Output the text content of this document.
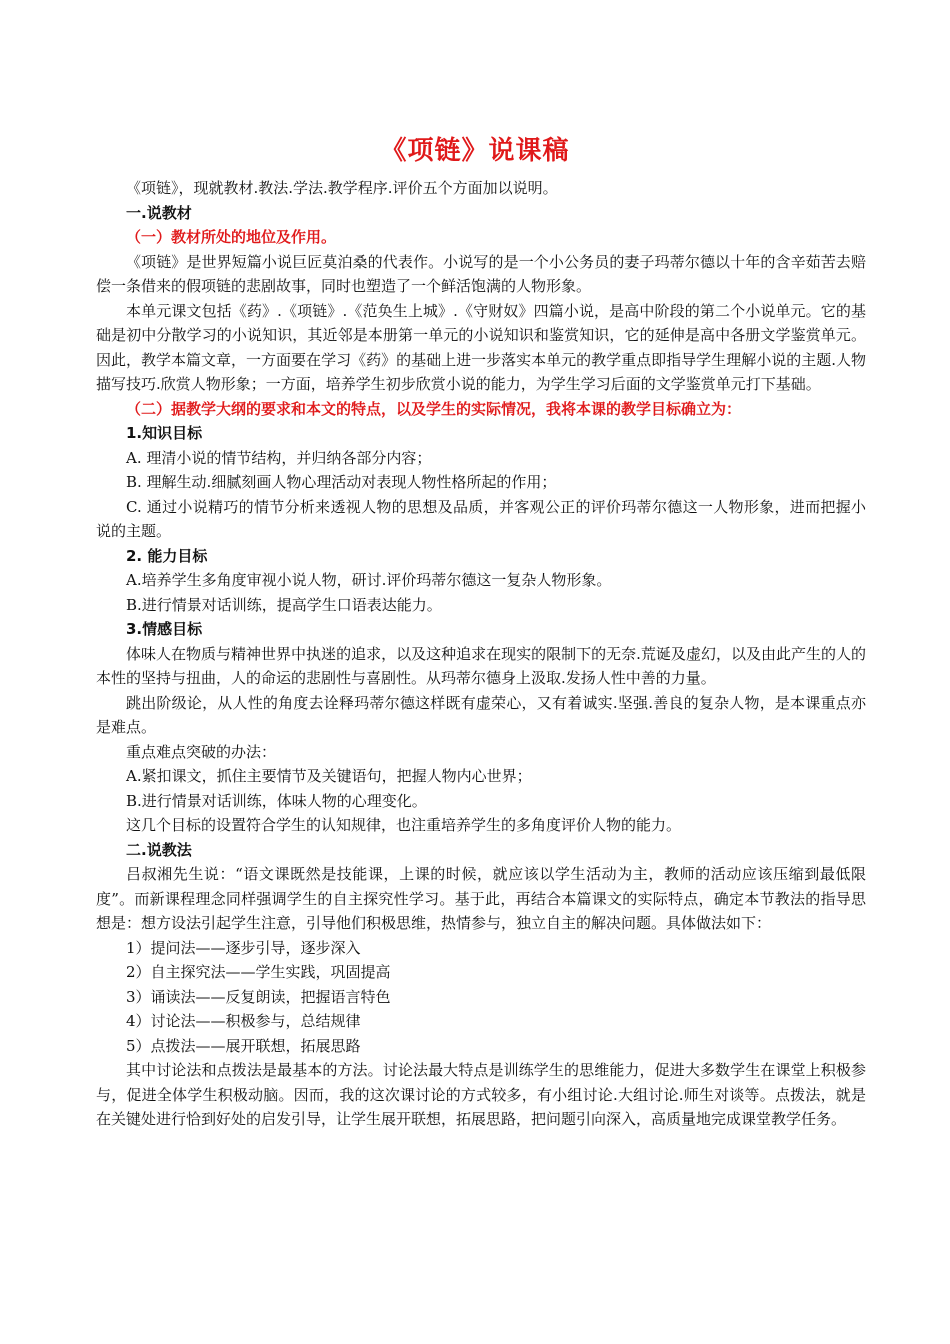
《项链》说课稿

《项链》，现就教材.教法.学法.教学程序.评价五个方面加以说明。

一.说教材

（一）教材所处的地位及作用。

《项链》是世界短篇小说巨匠莫泊桑的代表作。小说写的是一个小公务员的妻子玛蒂尔德以十年的含辛茹苦去赔偿一条借来的假项链的悲剧故事，同时也塑造了一个鲜活饱满的人物形象。

本单元课文包括《药》.《项链》.《范奂生上城》.《守财奴》四篇小说，是高中阶段的第二个小说单元。它的基础是初中分散学习的小说知识，其近邻是本册第一单元的小说知识和鉴赏知识，它的延伸是高中各册文学鉴赏单元。因此，教学本篇文章，一方面要在学习《药》的基础上进一步落实本单元的教学重点即指导学生理解小说的主题.人物描写技巧.欣赏人物形象；一方面，培养学生初步欣赏小说的能力，为学生学习后面的文学鉴赏单元打下基础。

（二）据教学大纲的要求和本文的特点，以及学生的实际情况，我将本课的教学目标确立为：

1.知识目标

A. 理清小说的情节结构，并归纳各部分内容；

B. 理解生动.细腻刻画人物心理活动对表现人物性格所起的作用；

C. 通过小说精巧的情节分析来透视人物的思想及品质，并客观公正的评价玛蒂尔德这一人物形象，进而把握小说的主题。

2. 能力目标

A.培养学生多角度审视小说人物，研讨.评价玛蒂尔德这一复杂人物形象。

B.进行情景对话训练，提高学生口语表达能力。

3.情感目标

体味人在物质与精神世界中执迷的追求，以及这种追求在现实的限制下的无奈.荒诞及虚幻，以及由此产生的人的本性的坚持与扭曲，人的命运的悲剧性与喜剧性。从玛蒂尔德身上汲取.发扬人性中善的力量。

跳出阶级论，从人性的角度去诠释玛蒂尔德这样既有虚荣心，又有着诚实.坚强.善良的复杂人物，是本课重点亦是难点。

重点难点突破的办法：

A.紧扣课文，抓住主要情节及关键语句，把握人物内心世界；

B.进行情景对话训练，体味人物的心理变化。

这几个目标的设置符合学生的认知规律，也注重培养学生的多角度评价人物的能力。

二.说教法

吕叔湘先生说：“语文课既然是技能课，上课的时候，就应该以学生活动为主，教师的活动应该压缩到最低限度”。而新课程理念同样强调学生的自主探究性学习。基于此，再结合本篇课文的实际特点，确定本节教法的指导思想是：想方设法引起学生注意，引导他们积极思维，热情参与，独立自主的解决问题。具体做法如下：

1）提问法——逐步引导，逐步深入

2）自主探究法——学生实践，巩固提高

3）诵读法——反复朗读，把握语言特色

4）讨论法——积极参与，总结规律

5）点拨法——展开联想，拓展思路

其中讨论法和点拨法是最基本的方法。讨论法最大特点是训练学生的思维能力，促进大多数学生在课堂上积极参与，促进全体学生积极动脑。因而，我的这次课讨论的方式较多，有小组讨论.大组讨论.师生对谈等。点拨法，就是在关键处进行恰到好处的启发引导，让学生展开联想，拓展思路，把问题引向深入，高质量地完成课堂教学任务。
